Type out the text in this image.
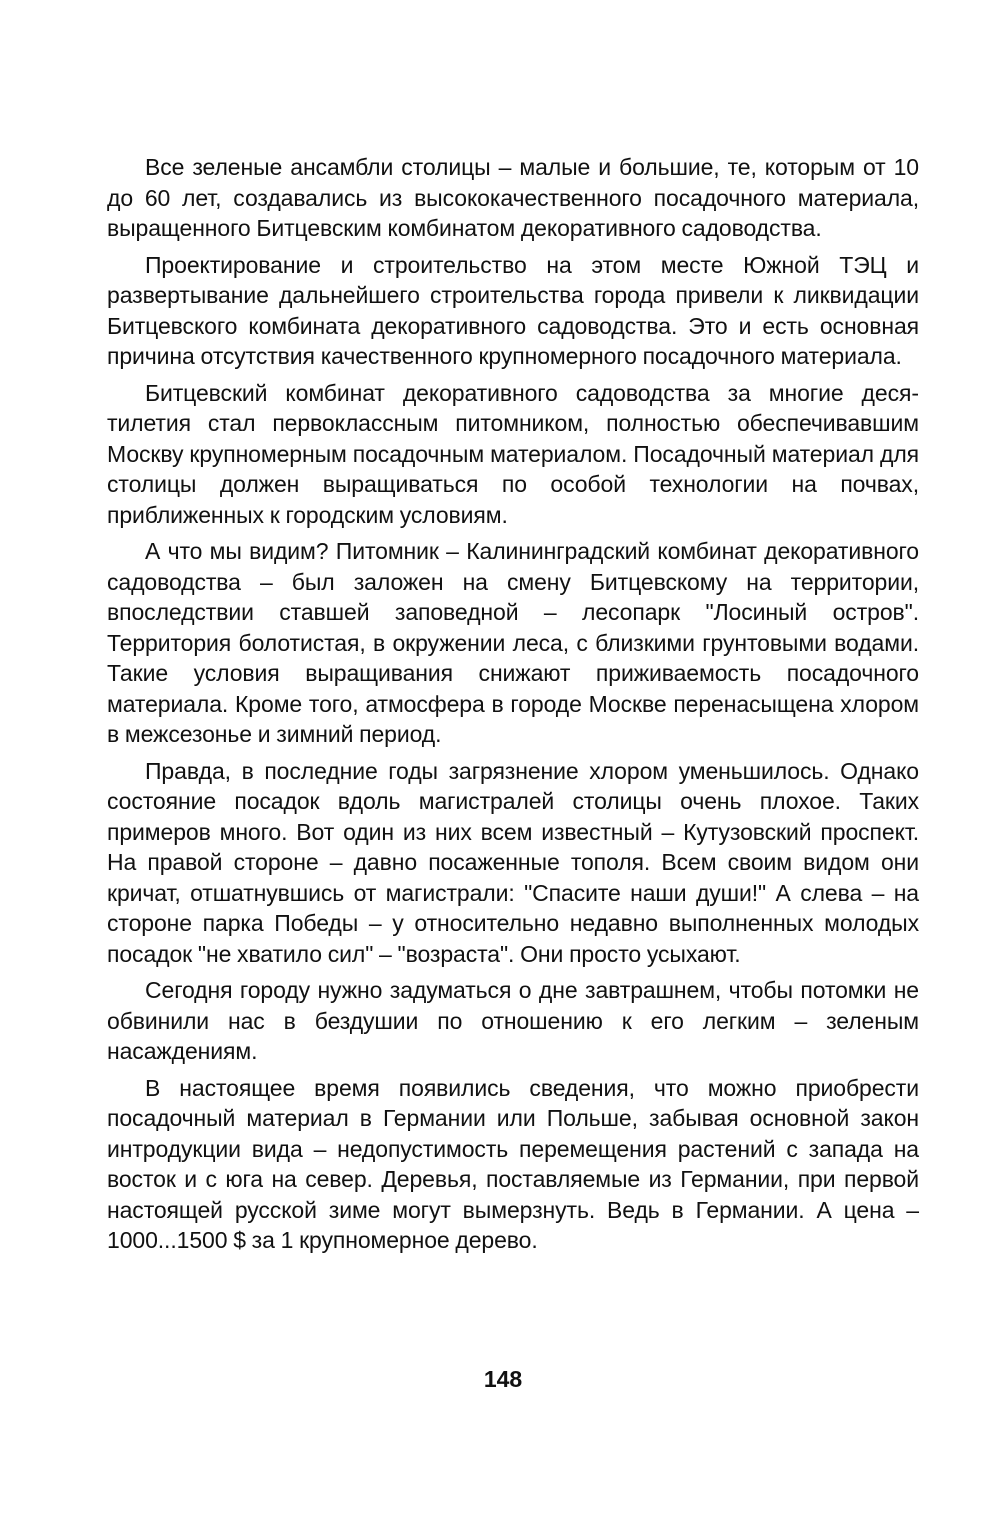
Все зеленые ансамбли столицы – малые и большие, те, которым от 10 до 60 лет, создавались из высококачественного посадочного материала, выращенного Битцевским комбинатом декоративного садоводства.

Проектирование и строительство на этом месте Южной ТЭЦ и развертывание дальнейшего строительства города привели к ликвидации Битцевского комбината декоративного садоводства. Это и есть основная причина отсутствия качественного крупномерного посадочного материала.

Битцевский комбинат декоративного садоводства за многие десятилетия стал первоклассным питомником, полностью обеспечивавшим Москву крупномерным посадочным материалом. Посадочный материал для столицы должен выращиваться по особой технологии на почвах, приближенных к городским условиям.

А что мы видим? Питомник – Калининградский комбинат декоративного садоводства – был заложен на смену Битцевскому на территории, впоследствии ставшей заповедной – лесопарк "Лосиный остров". Территория болотистая, в окружении леса, с близкими грунтовыми водами. Такие условия выращивания снижают приживаемость посадочного материала. Кроме того, атмосфера в городе Москве перенасыщена хлором в межсезонье и зимний период.

Правда, в последние годы загрязнение хлором уменьшилось. Однако состояние посадок вдоль магистралей столицы очень плохое. Таких примеров много. Вот один из них всем известный – Кутузовский проспект. На правой стороне – давно посаженные тополя. Всем своим видом они кричат, отшатнувшись от магистрали: "Спасите наши души!" А слева – на стороне парка Победы – у относительно недавно выполненных молодых посадок "не хватило сил" – "возраста". Они просто усыхают.

Сегодня городу нужно задуматься о дне завтрашнем, чтобы потомки не обвинили нас в бездушии по отношению к его легким – зеленым насаждениям.

В настоящее время появились сведения, что можно приобрести посадочный материал в Германии или Польше, забывая основной закон интродукции вида – недопустимость перемещения растений с запада на восток и с юга на север. Деревья, поставляемые из Германии, при первой настоящей русской зиме могут вымерзнуть. Ведь в Германии. А цена – 1000...1500 $ за 1 крупномерное дерево.

148
